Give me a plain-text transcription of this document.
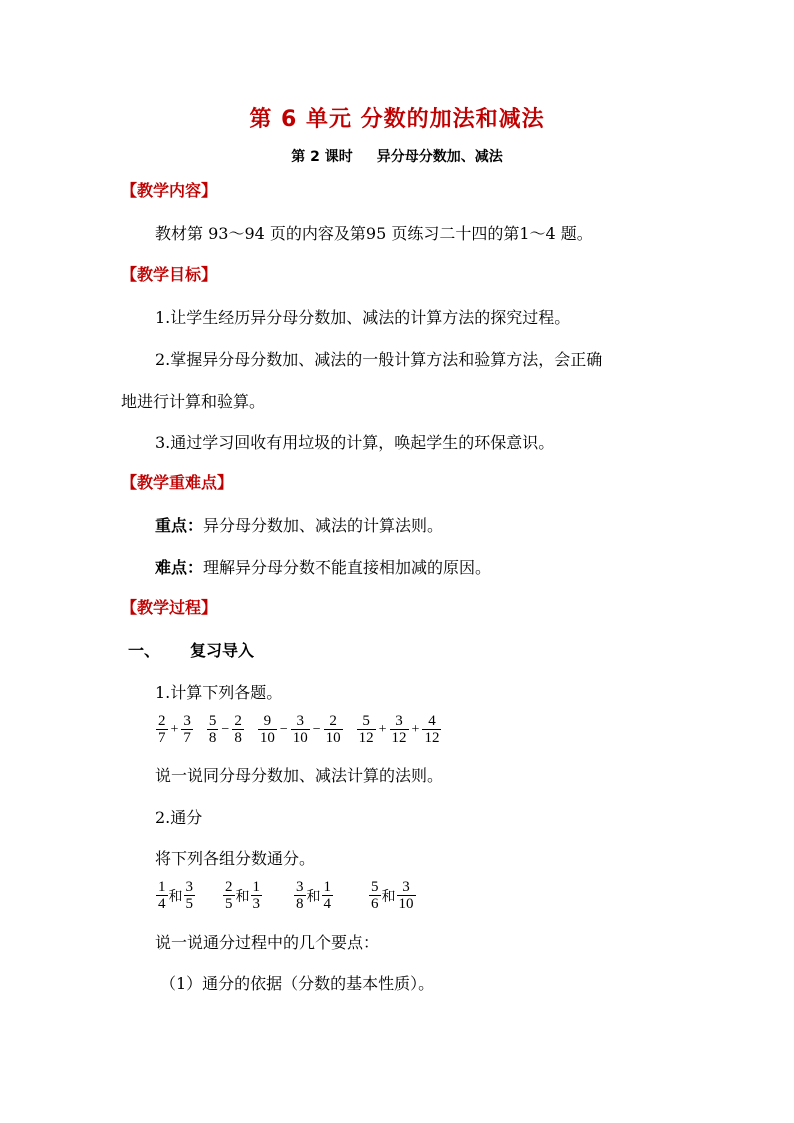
第 6 单元 分数的加法和减法
第 2 课时 异分母分数加、减法
【教学内容】
教材第 93～94 页的内容及第95 页练习二十四的第1～4 题。
【教学目标】
1.让学生经历异分母分数加、减法的计算方法的探究过程。
2.掌握异分母分数加、减法的一般计算方法和验算方法，会正确
地进行计算和验算。
3.通过学习回收有用垃圾的计算，唤起学生的环保意识。
【教学重难点】
重点：异分母分数加、减法的计算法则。
难点：理解异分母分数不能直接相加减的原因。
【教学过程】
一、 复习导入
1.计算下列各题。
$\frac{2}{7} + \frac{3}{7} \frac{5}{8} - \frac{2}{8} \frac{9}{10} - \frac{3}{10} - \frac{2}{10} \frac{5}{12} + \frac{3}{12} + \frac{4}{12}$
说一说同分母分数加、减法计算的法则。
2.通分
将下列各组分数通分。
$\frac{1}{4}$ 和 $\frac{3}{5} \frac{2}{5}$ 和 $\frac{1}{3} \frac{3}{8}$ 和 $\frac{1}{4} \frac{5}{6}$ 和 $\frac{3}{10}$
说一说通分过程中的几个要点：
（1）通分的依据（分数的基本性质）。
